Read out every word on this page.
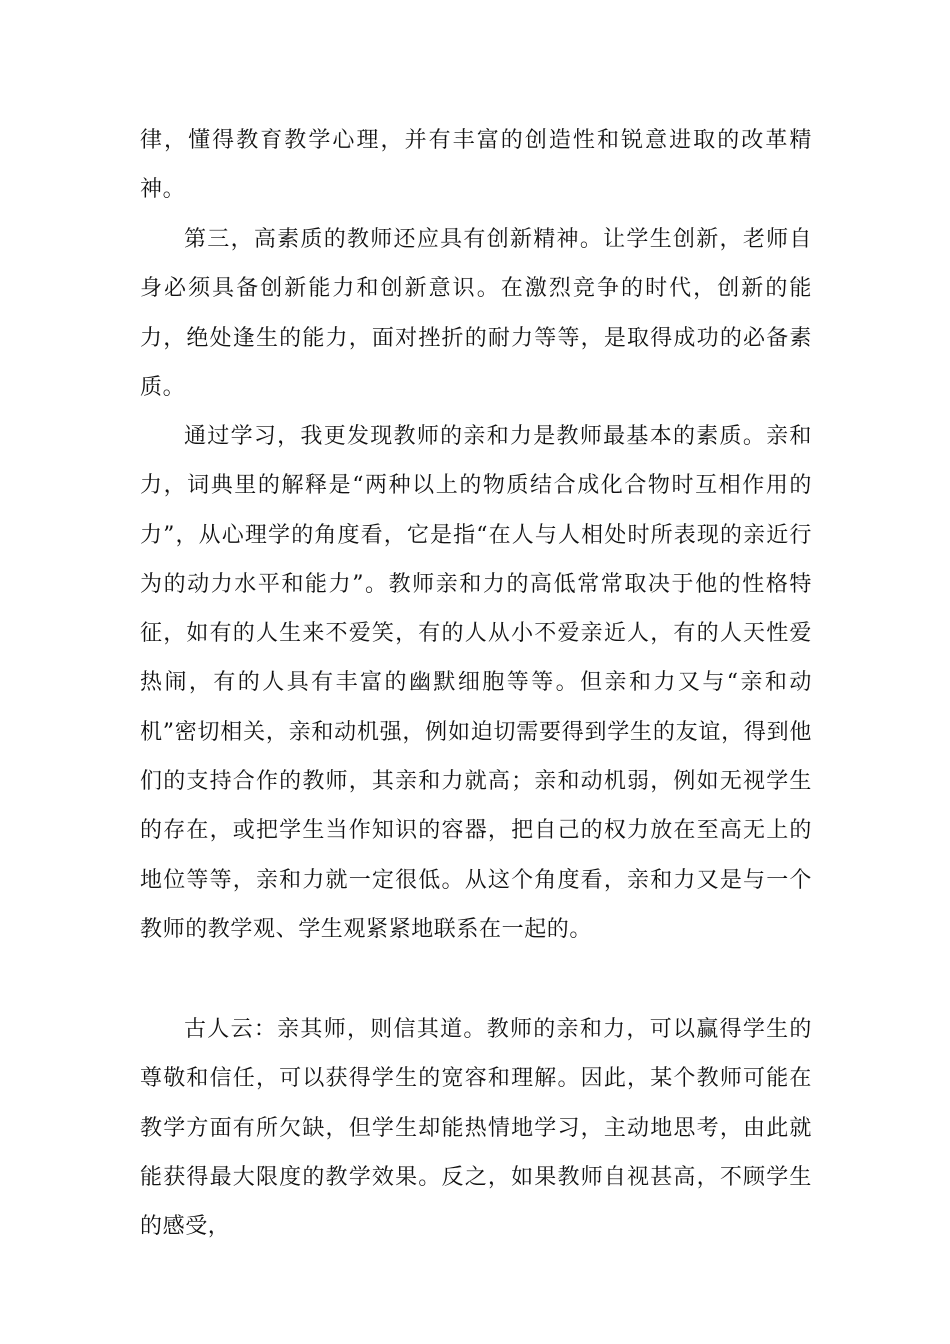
律，懂得教育教学心理，并有丰富的创造性和锐意进取的改革精神。

第三，高素质的教师还应具有创新精神。让学生创新，老师自身必须具备创新能力和创新意识。在激烈竞争的时代，创新的能力，绝处逢生的能力，面对挫折的耐力等等，是取得成功的必备素质。

通过学习，我更发现教师的亲和力是教师最基本的素质。亲和力，词典里的解释是“两种以上的物质结合成化合物时互相作用的力”，从心理学的角度看，它是指“在人与人相处时所表现的亲近行为的动力水平和能力”。教师亲和力的高低常常取决于他的性格特征，如有的人生来不爱笑，有的人从小不爱亲近人，有的人天性爱热闹，有的人具有丰富的幽默细胞等等。但亲和力又与“亲和动机”密切相关，亲和动机强，例如迫切需要得到学生的友谊，得到他们的支持合作的教师，其亲和力就高；亲和动机弱，例如无视学生的存在，或把学生当作知识的容器，把自己的权力放在至高无上的地位等等，亲和力就一定很低。从这个角度看，亲和力又是与一个教师的教学观、学生观紧紧地联系在一起的。

古人云：亲其师，则信其道。教师的亲和力，可以赢得学生的尊敬和信任，可以获得学生的宽容和理解。因此，某个教师可能在教学方面有所欠缺，但学生却能热情地学习，主动地思考，由此就能获得最大限度的教学效果。反之，如果教师自视甚高，不顾学生的感受，
